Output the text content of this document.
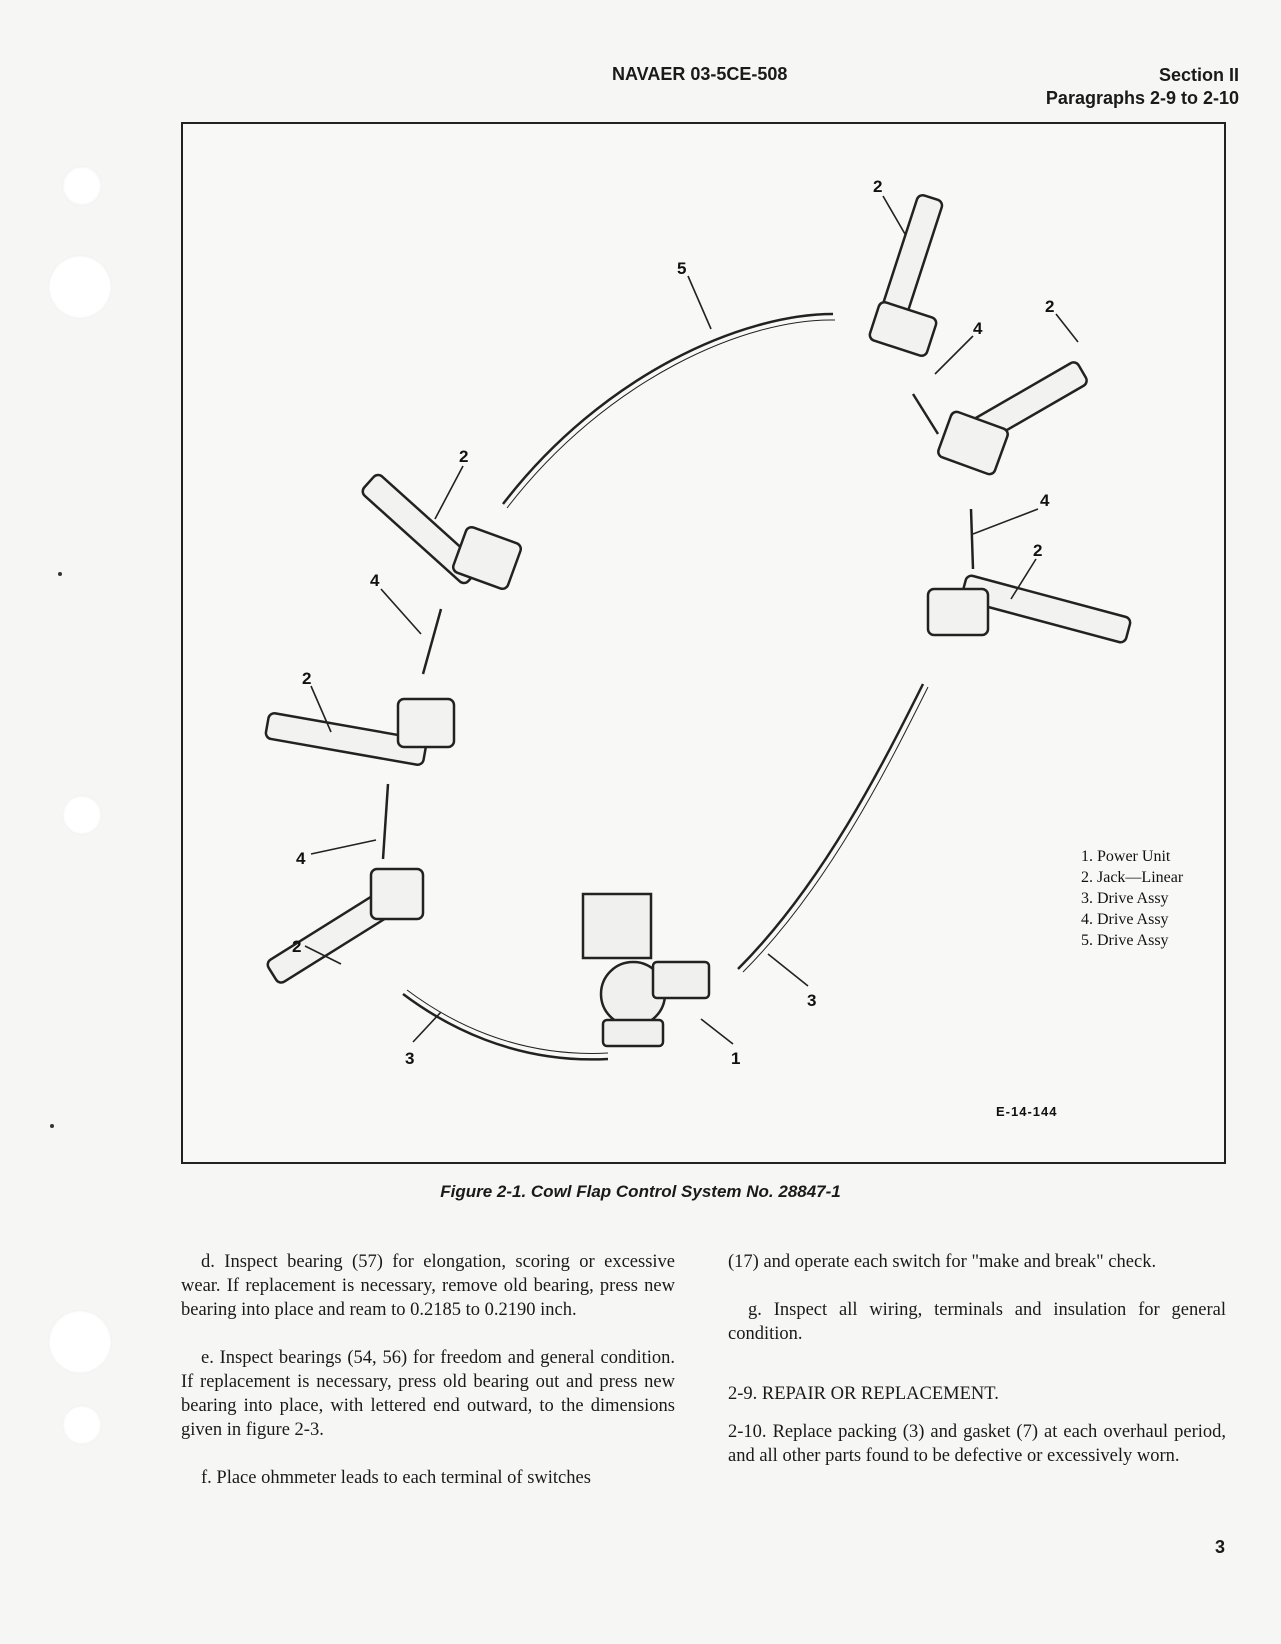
NAVAER 03-5CE-508	Section II
Paragraphs 2-9 to 2-10
2
5
4
2
2
4
2
4
2
4
2
3
3	1
1. Power Unit
2. Jack—Linear
3. Drive Assy
4. Drive Assy
5. Drive Assy
E-14-144
Figure 2-1. Cowl Flap Control System No. 28847-1

d. Inspect bearing (57) for elongation, scoring or excessive wear. If replacement is necessary, remove old bearing, press new bearing into place and ream to 0.2185 to 0.2190 inch.

e. Inspect bearings (54, 56) for freedom and general condition. If replacement is necessary, press old bearing out and press new bearing into place, with lettered end outward, to the dimensions given in figure 2-3.

f. Place ohmmeter leads to each terminal of switches

(17) and operate each switch for "make and break" check.

g. Inspect all wiring, terminals and insulation for general condition.

2-9. REPAIR OR REPLACEMENT.

2-10. Replace packing (3) and gasket (7) at each overhaul period, and all other parts found to be defective or excessively worn.

3
